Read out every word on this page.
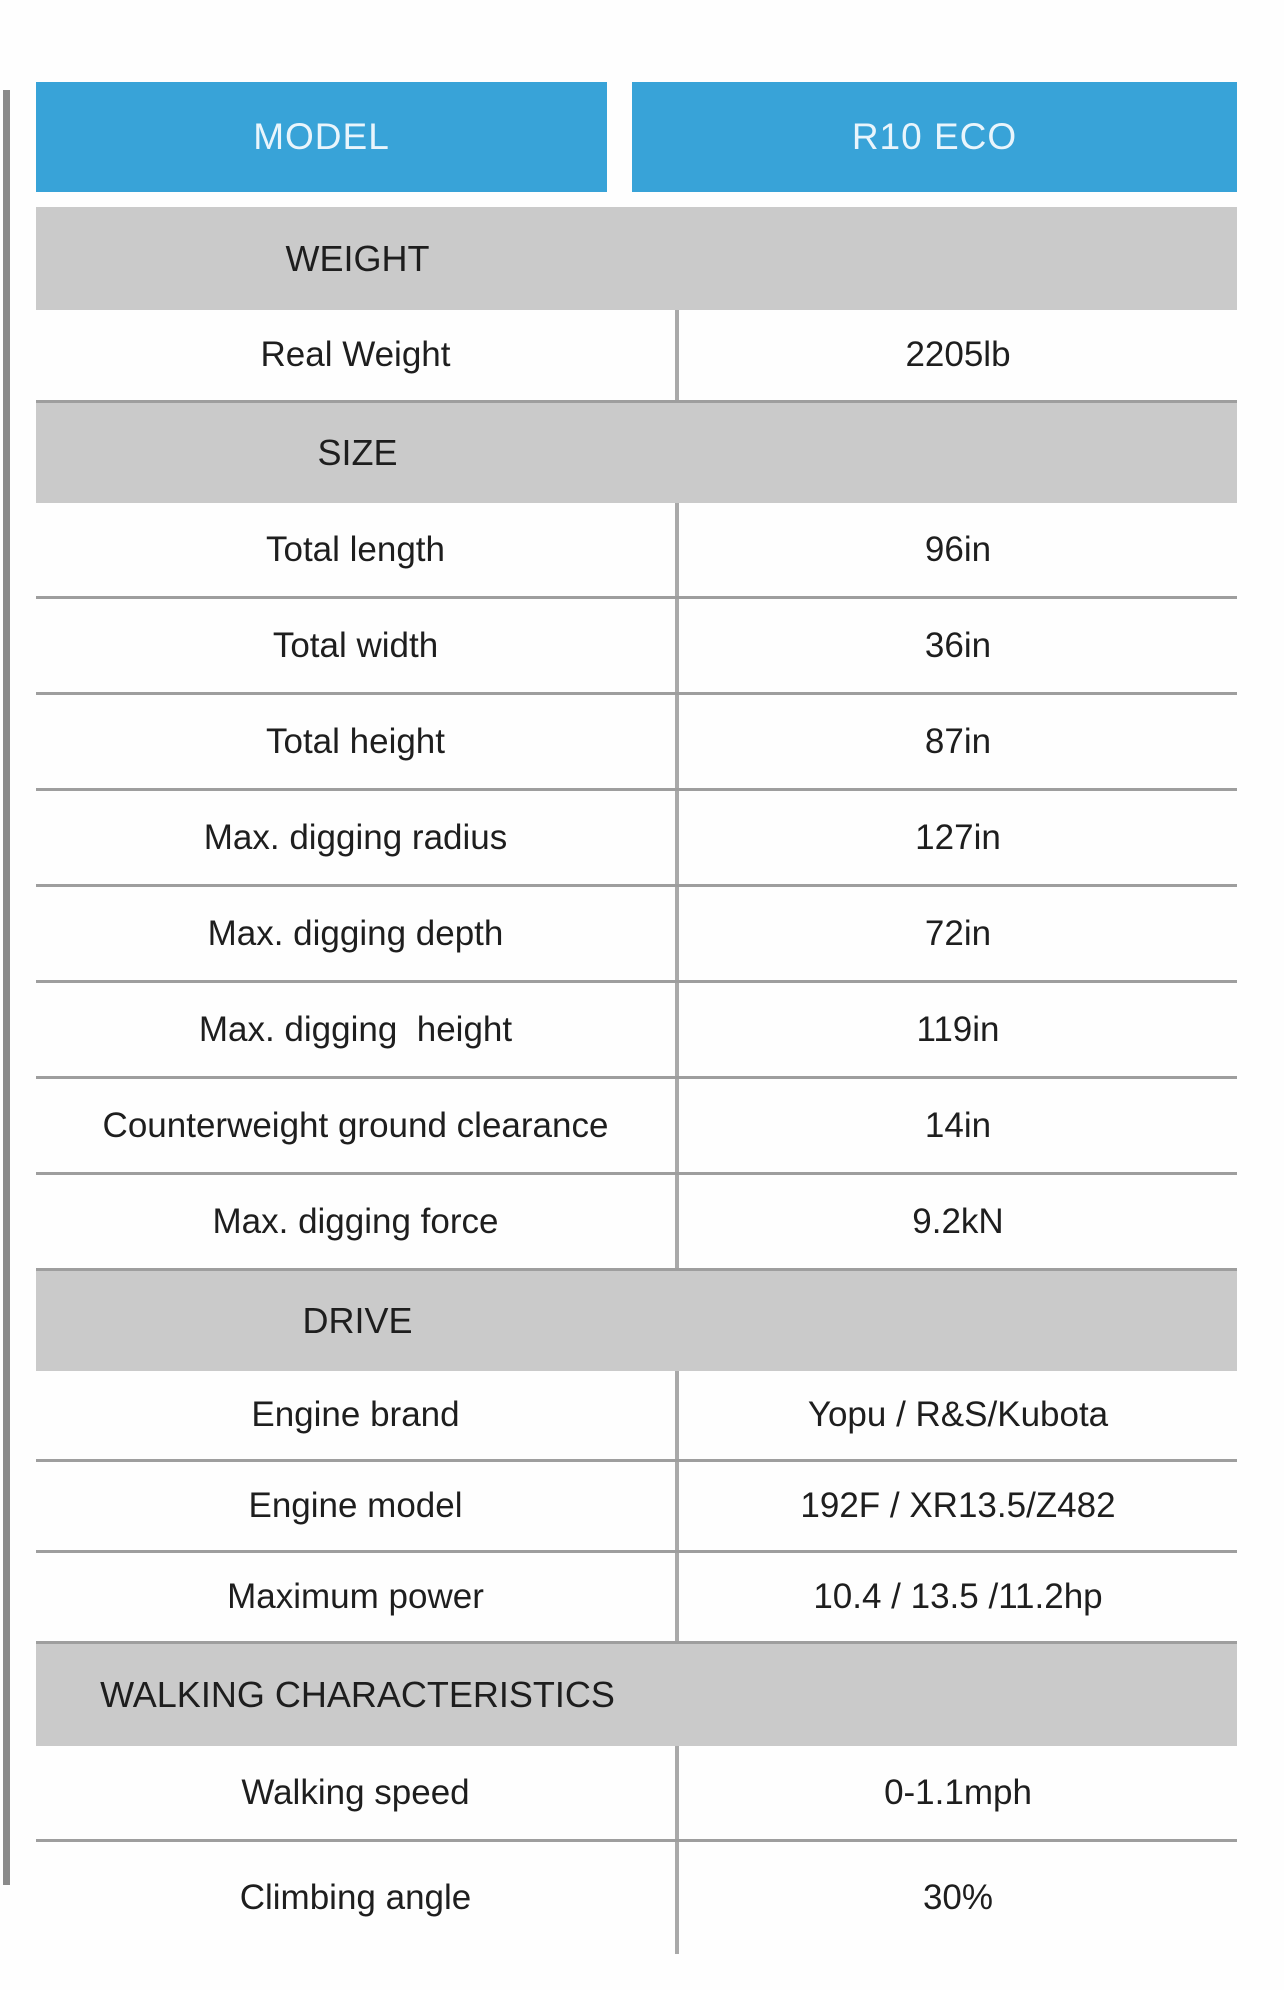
MODEL	R10 ECO
WEIGHT
Real Weight	2205lb
SIZE
Total length	96in
Total width	36in
Total height	87in
Max. digging radius	127in
Max. digging depth	72in
Max. digging  height	119in
Counterweight ground clearance	14in
Max. digging force	9.2kN
DRIVE
Engine brand	Yopu / R&S/Kubota
Engine model	192F / XR13.5/Z482
Maximum power	10.4 / 13.5 /11.2hp
WALKING CHARACTERISTICS
Walking speed	0-1.1mph
Climbing angle	30%
